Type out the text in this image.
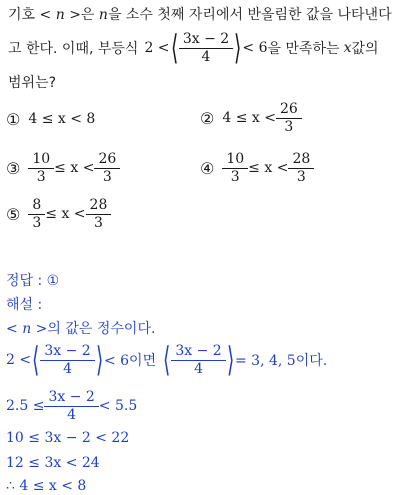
기호 < n >은 n을 소수 첫째 자리에서 반올림한 값을 나타낸다
고 한다. 이때, 부등식 2 < ⟨ $\frac{3x - 2}{4}$ ⟩ < 6 을 만족하는 x 값의
범위는?
① 4 ≤ x < 8	② $4 \le x < \frac{26}{3}$
③ $\frac{10}{3} \le x < \frac{26}{3}$	④ $\frac{10}{3} \le x < \frac{28}{3}$
⑤ $\frac{8}{3} \le x < \frac{28}{3}$
정답 : ①
해설 :
< n >의 값은 정수이다.
2 < ⟨ $\frac{3x - 2}{4}$ ⟩ < 6이면 ⟨ $\frac{3x - 2}{4}$ ⟩ = 3, 4, 5이다.
$2.5 \le \frac{3x - 2}{4} < 5.5$
10 ≤ 3x − 2 < 22
12 ≤ 3x < 24
∴ 4 ≤ x < 8
